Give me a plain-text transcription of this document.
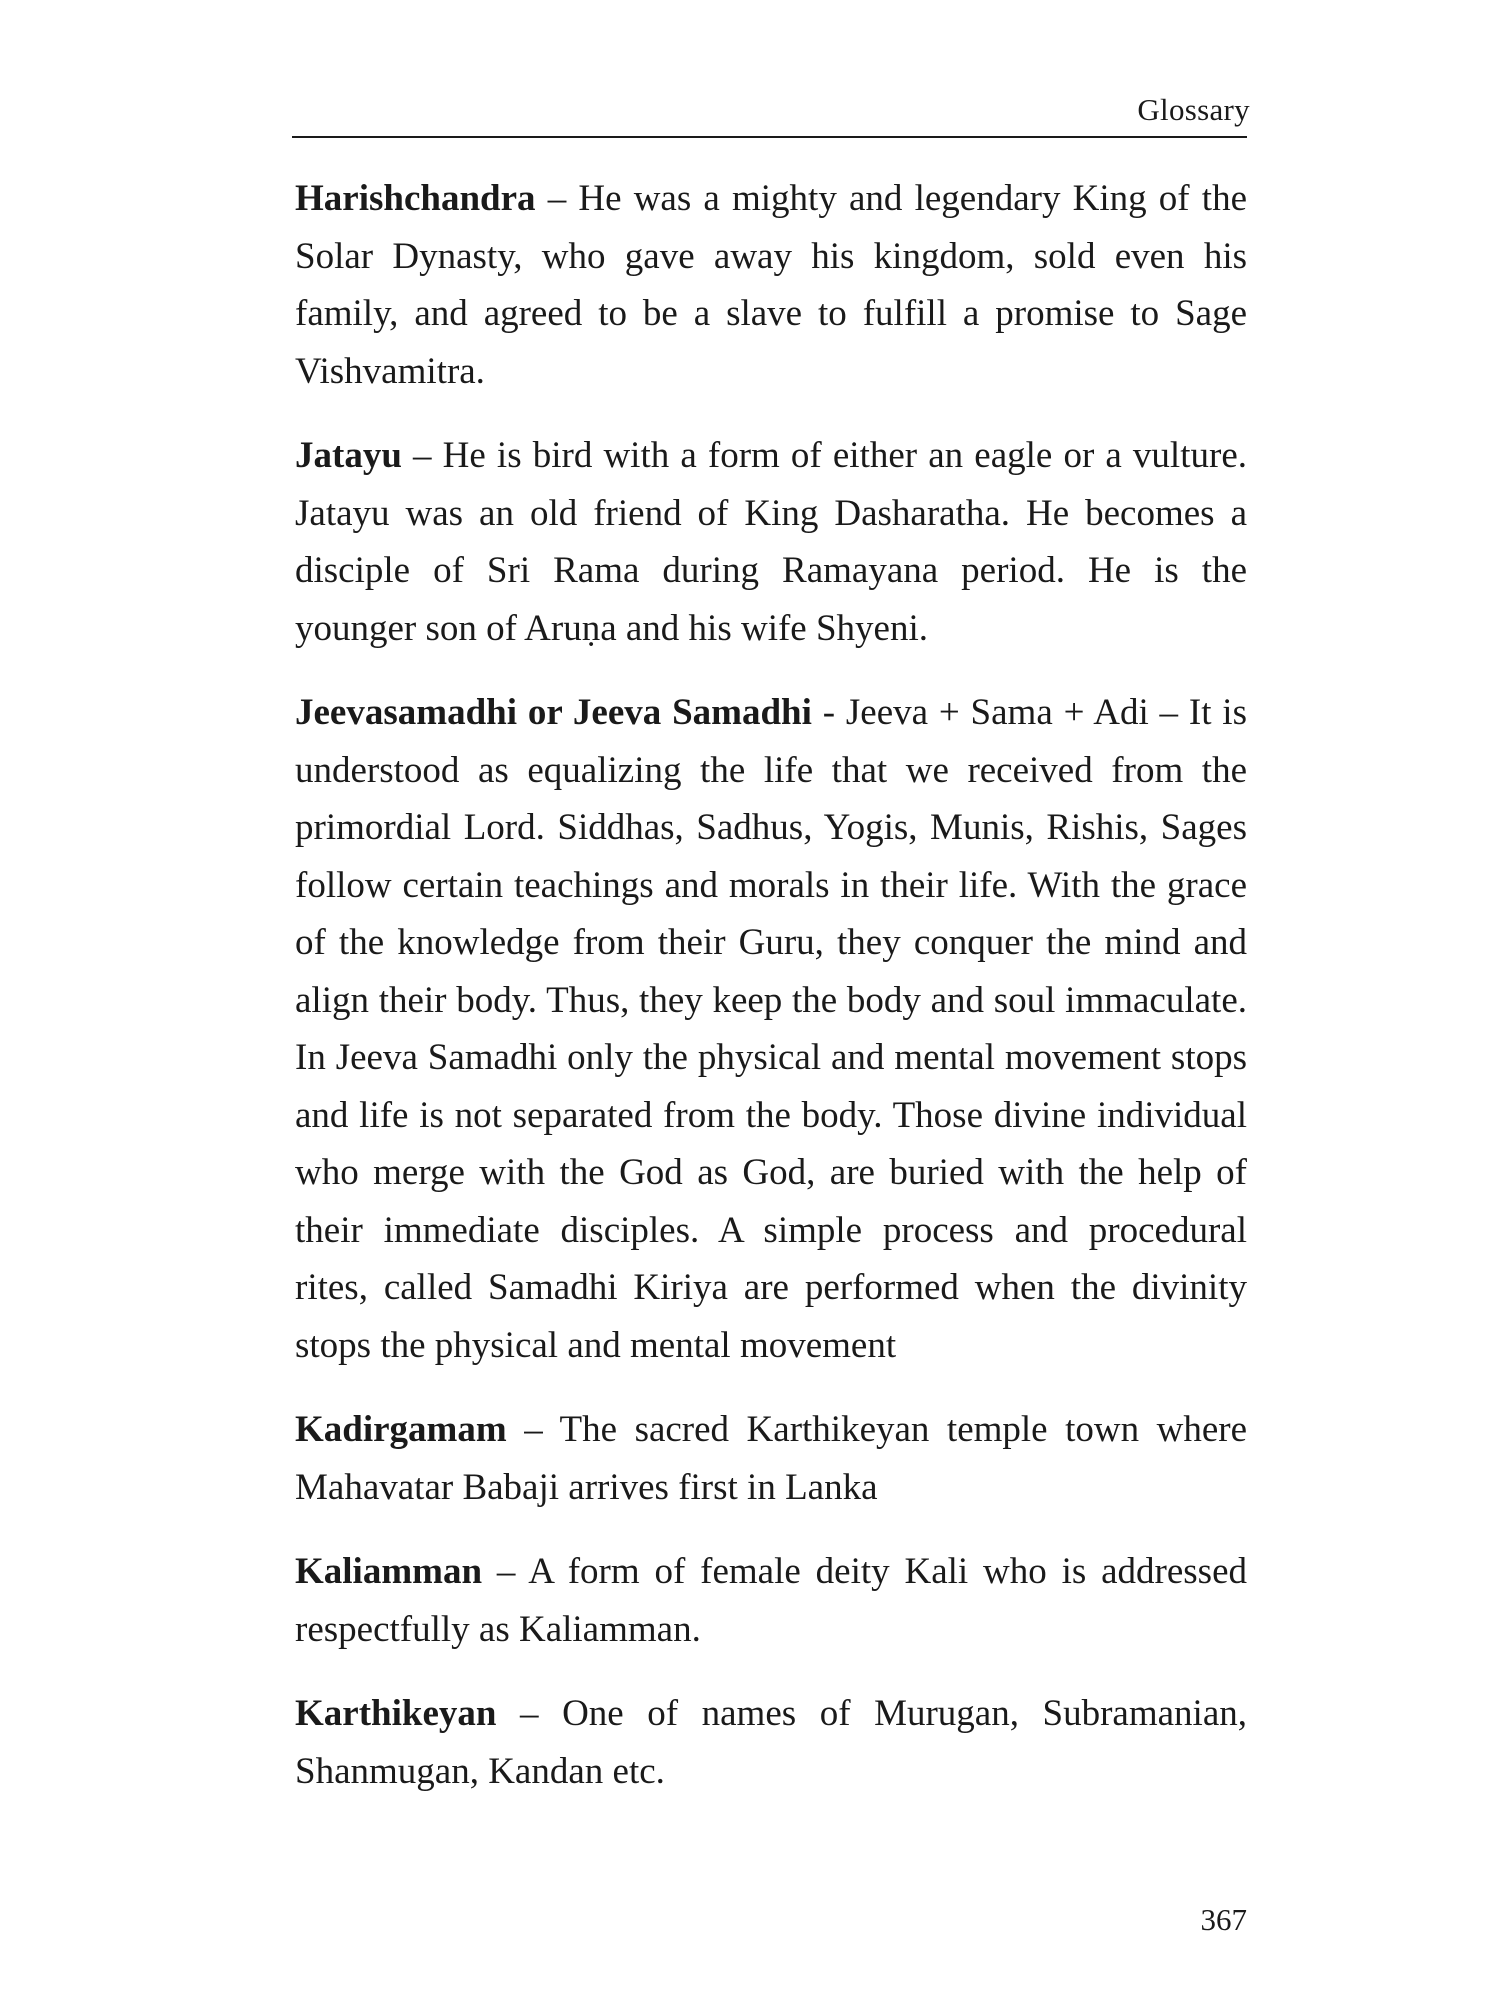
Glossary

Harishchandra – He was a mighty and legendary King of the Solar Dynasty, who gave away his kingdom, sold even his family, and agreed to be a slave to fulfill a promise to Sage Vishvamitra.

Jatayu – He is bird with a form of either an eagle or a vulture. Jatayu was an old friend of King Dasharatha. He becomes a disciple of Sri Rama during Ramayana period. He is the younger son of Aruṇa and his wife Shyeni.

Jeevasamadhi or Jeeva Samadhi - Jeeva + Sama + Adi – It is understood as equalizing the life that we received from the primordial Lord. Siddhas, Sadhus, Yogis, Munis, Rishis, Sages follow certain teachings and morals in their life. With the grace of the knowledge from their Guru, they conquer the mind and align their body. Thus, they keep the body and soul immaculate. In Jeeva Samadhi only the physical and mental movement stops and life is not separated from the body. Those divine individual who merge with the God as God, are buried with the help of their immediate disciples. A simple process and procedural rites, called Samadhi Kiriya are performed when the divinity stops the physical and mental movement

Kadirgamam – The sacred Karthikeyan temple town where Mahavatar Babaji arrives first in Lanka

Kaliamman – A form of female deity Kali who is addressed respectfully as Kaliamman.

Karthikeyan – One of names of Murugan, Subramanian, Shanmugan, Kandan etc.

367
